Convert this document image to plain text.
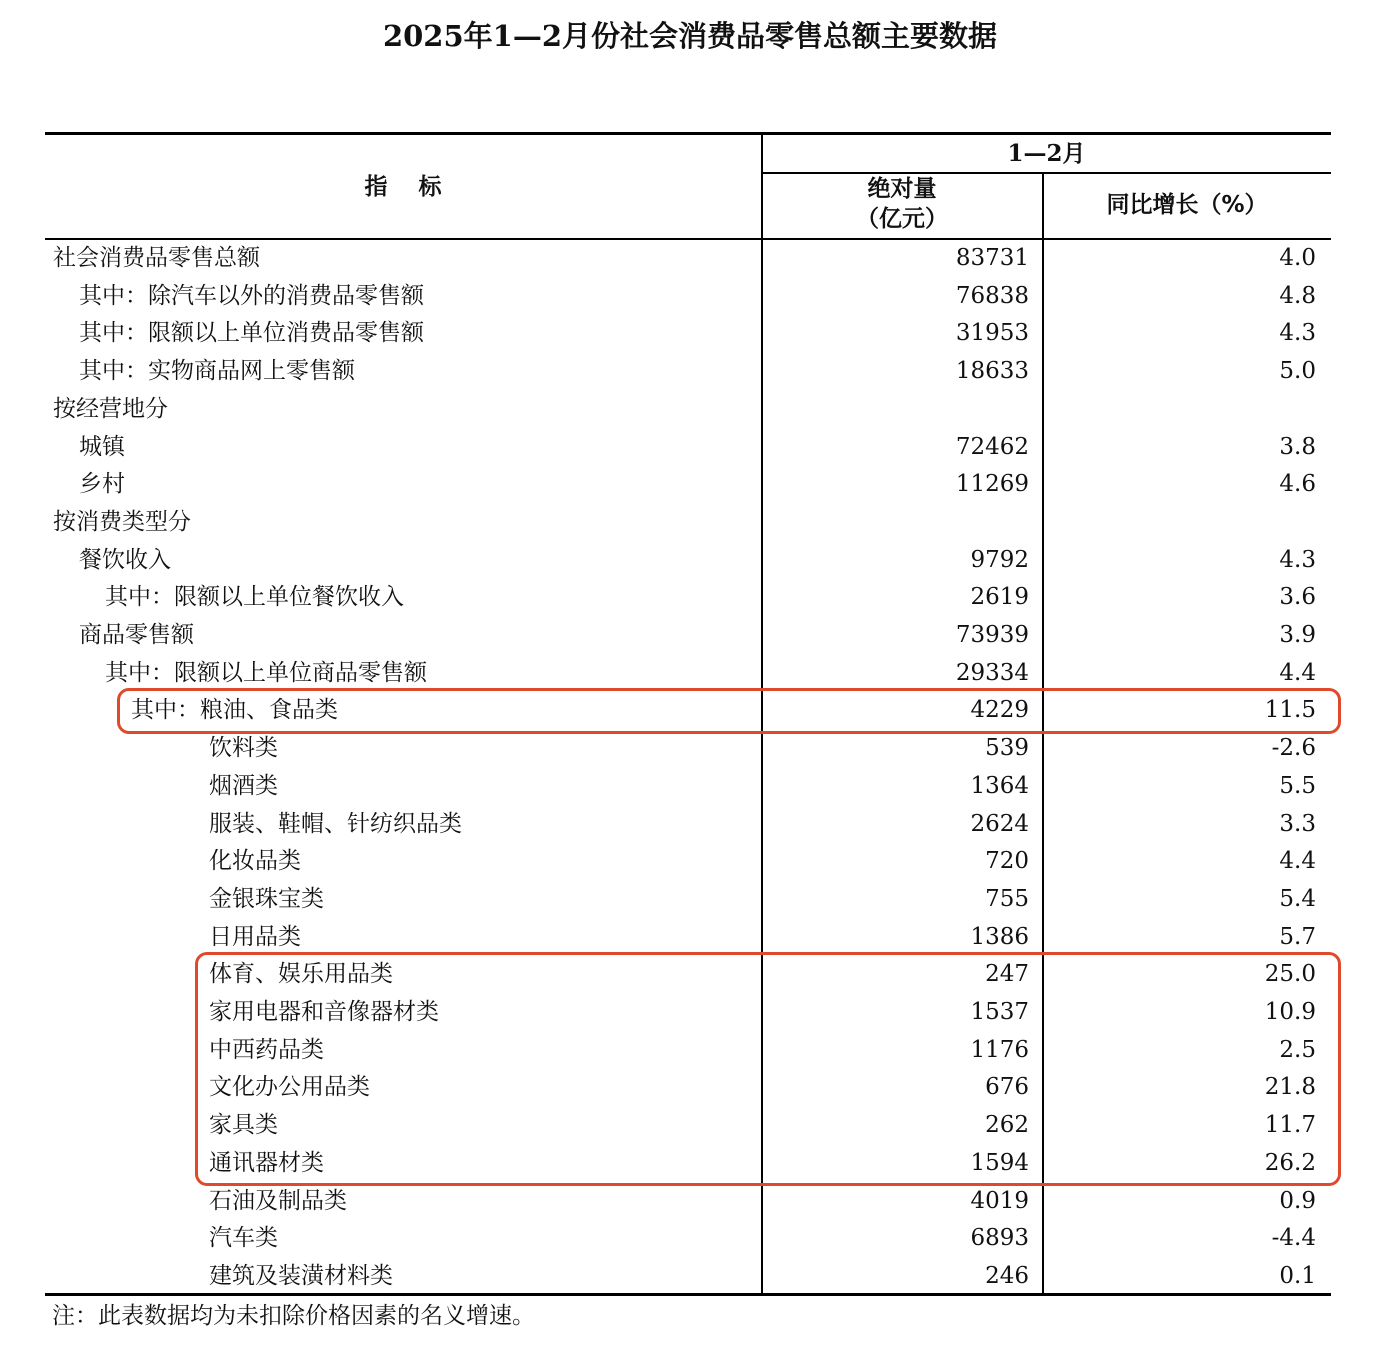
2025年1—2月份社会消费品零售总额主要数据
指　 标
1—2月
绝对量
（亿元）
同比增长（%）
社会消费品零售总额	83731	4.0
其中：除汽车以外的消费品零售额	76838	4.8
其中：限额以上单位消费品零售额	31953	4.3
其中：实物商品网上零售额	18633	5.0
按经营地分
城镇	72462	3.8
乡村	11269	4.6
按消费类型分
餐饮收入	9792	4.3
其中：限额以上单位餐饮收入	2619	3.6
商品零售额	73939	3.9
其中：限额以上单位商品零售额	29334	4.4
其中：粮油、食品类	4229	11.5
饮料类	539	-2.6
烟酒类	1364	5.5
服装、鞋帽、针纺织品类	2624	3.3
化妆品类	720	4.4
金银珠宝类	755	5.4
日用品类	1386	5.7
体育、娱乐用品类	247	25.0
家用电器和音像器材类	1537	10.9
中西药品类	1176	2.5
文化办公用品类	676	21.8
家具类	262	11.7
通讯器材类	1594	26.2
石油及制品类	4019	0.9
汽车类	6893	-4.4
建筑及装潢材料类	246	0.1
注：此表数据均为未扣除价格因素的名义增速。
